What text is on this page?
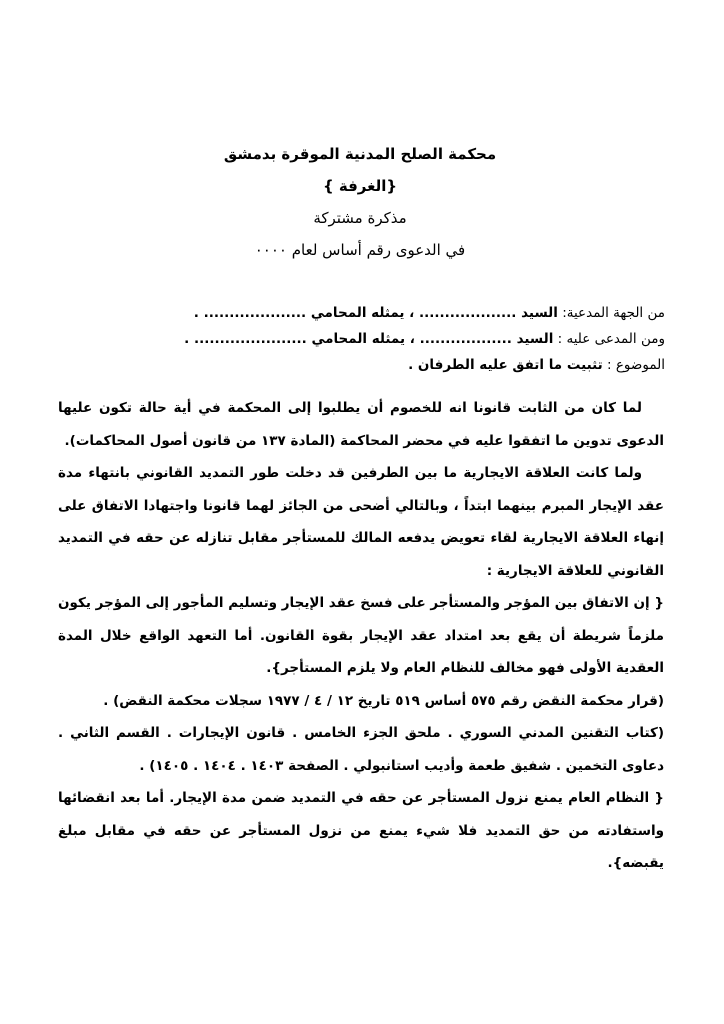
محكمة الصلح المدنية الموقرة بدمشق
{الغرفة }
مذكرة مشتركة
في الدعوى رقم أساس لعام ٠٠٠٠
من الجهة المدعية: السيد ................... ، يمثله المحامي .................... .
ومن المدعى عليه : السيد .................. ، يمثله المحامي ...................... .
الموضوع : تثبيت ما اتفق عليه الطرفان .

لما كان من الثابت قانونا انه للخصوم أن يطلبوا إلى المحكمة في أية حالة تكون عليها الدعوى تدوين ما اتفقوا عليه في محضر المحاكمة (المادة ١٣٧ من قانون أصول المحاكمات).

ولما كانت العلاقة الايجارية ما بين الطرفين قد دخلت طور التمديد القانوني بانتهاء مدة عقد الإيجار المبرم بينهما ابتداً ، وبالتالي أضحى من الجائز لهما قانونا واجتهادا الاتفاق على إنهاء العلاقة الايجارية لقاء تعويض يدفعه المالك للمستأجر مقابل تنازله عن حقه في التمديد القانوني للعلاقة الايجارية :

{ إن الاتفاق بين المؤجر والمستأجر على فسخ عقد الإيجار وتسليم المأجور إلى المؤجر يكون ملزماً شريطة أن يقع بعد امتداد عقد الإيجار بقوة القانون. أما التعهد الواقع خلال المدة العقدية الأولى فهو مخالف للنظام العام ولا يلزم المستأجر}.

(قرار محكمة النقض رقم ٥٧٥ أساس ٥١٩ تاريخ ١٢ / ٤ / ١٩٧٧ سجلات محكمة النقض) .

(كتاب التقنين المدني السوري . ملحق الجزء الخامس . قانون الإيجارات . القسم الثاني . دعاوى التخمين . شفيق طعمة وأديب استانبولي . الصفحة ١٤٠٣ . ١٤٠٤ . ١٤٠٥) .

{ النظام العام يمنع نزول المستأجر عن حقه في التمديد ضمن مدة الإيجار. أما بعد انقضائها واستفادته من حق التمديد فلا شيء يمنع من نزول المستأجر عن حقه في مقابل مبلغ يقبضه}.
